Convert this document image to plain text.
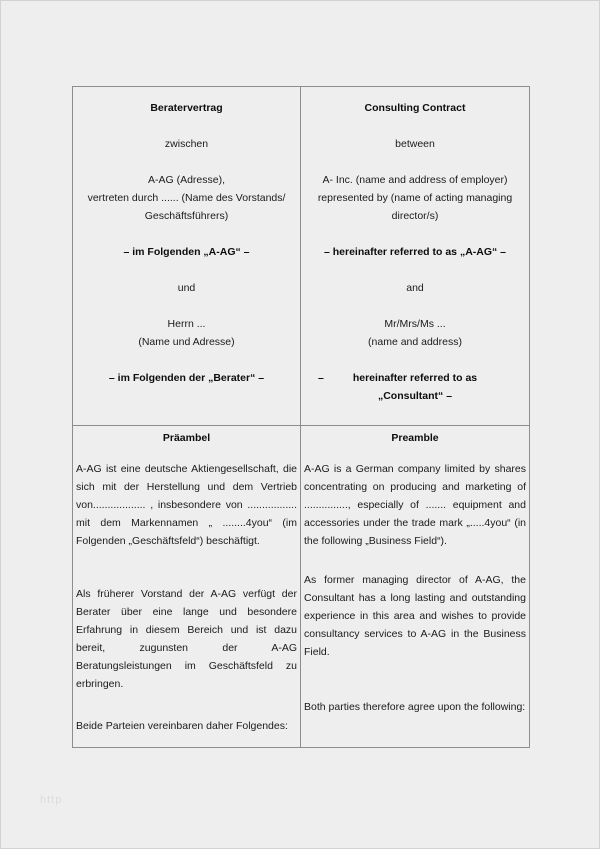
Beratervertrag
zwischen
A-AG (Adresse),
vertreten durch ...... (Name des Vorstands/
Geschäftsführers)
– im Folgenden „A-AG“ –
und
Herrn ...
(Name und Adresse)
– im Folgenden der „Berater“ –
Consulting Contract
between
A- Inc. (name and address of employer)
represented by (name of acting managing
director/s)
– hereinafter referred to as „A-AG“ –
and
Mr/Mrs/Ms ...
(name and address)
–	hereinafter referred to as
„Consultant“ –
Präambel
A-AG ist eine deutsche Aktiengesellschaft, die sich mit der Herstellung und dem Vertrieb von.................. , insbesondere von ................. mit dem Markennamen „ ........4you“ (im Folgenden „Geschäftsfeld“) beschäftigt.
Als früherer Vorstand der A-AG verfügt der Berater über eine lange und besondere Erfahrung in diesem Bereich und ist dazu bereit, zugunsten der A-AG Beratungsleistungen im Geschäftsfeld zu erbringen.
Beide Parteien vereinbaren daher Folgendes:
Preamble
A-AG is a German company limited by shares concentrating on producing and marketing of ..............., especially of ....... equipment and accessories under the trade mark „.....4you“ (in the following „Business Field“).
As former managing director of A-AG, the Consultant has a long lasting and outstanding experience in this area and wishes to provide consultancy services to A-AG in the Business Field.
Both parties therefore agree upon the following:
http
